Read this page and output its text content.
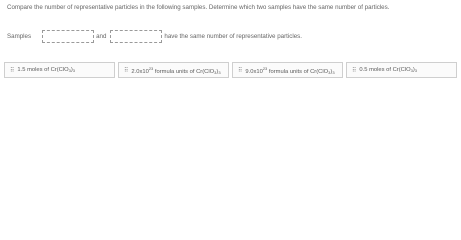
Compare the number of representative particles in the following samples. Determine which two samples have the same number of particles.
Samples	and	have the same number of representative particles.
⠿ 1.5 moles of $Cr(ClO_3)_3$	⠿ $2.0x10^{23}$ formula units of $Cr(ClO_3)_3$	⠿ $9.0x10^{23}$ formula units of $Cr(ClO_3)_3$	⠿ 0.5 moles of $Cr(ClO_3)_3$
